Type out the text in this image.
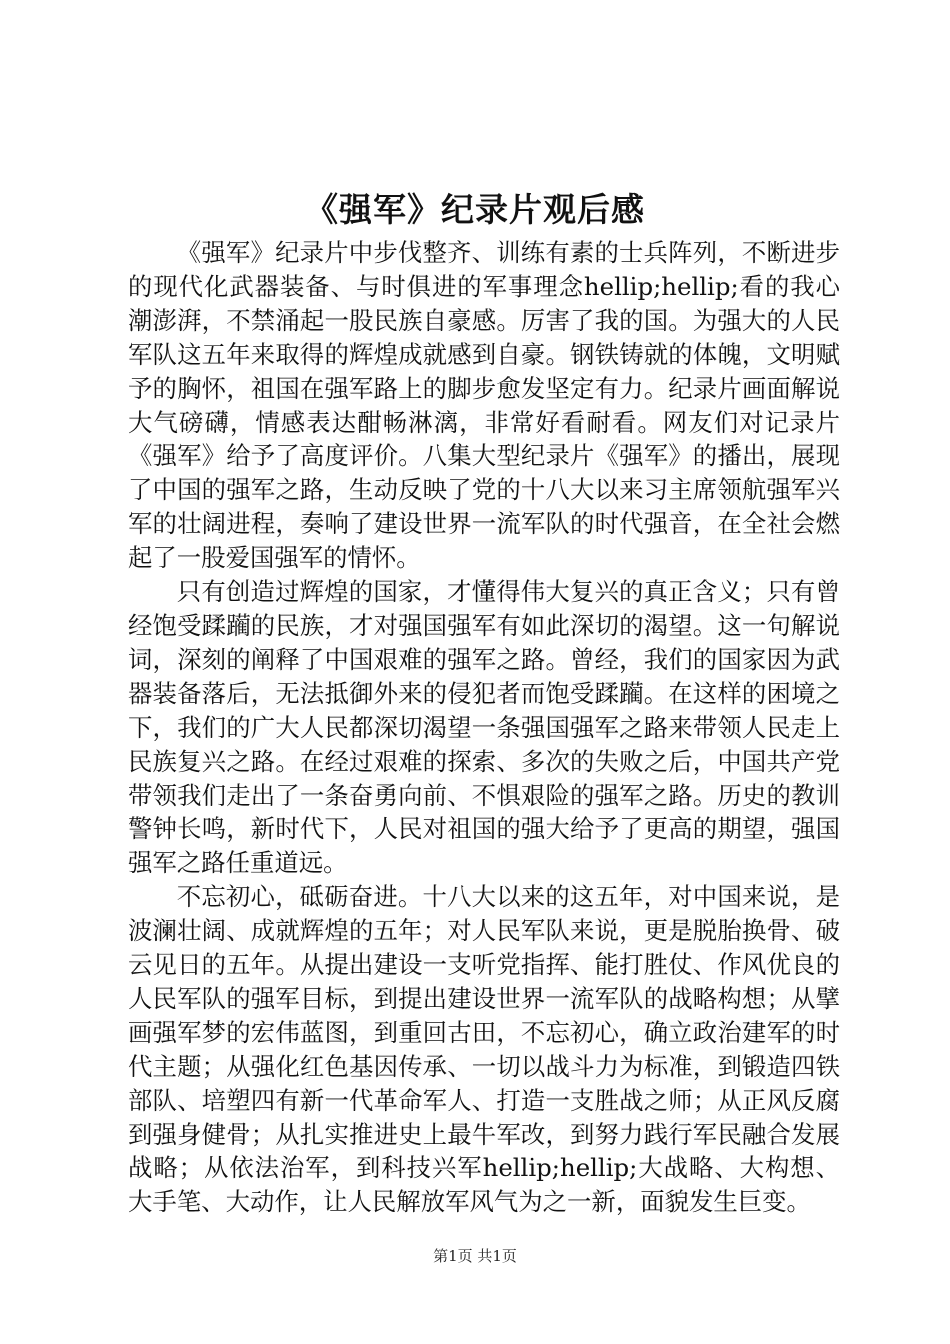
《强军》纪录片观后感

《强军》纪录片中步伐整齐、训练有素的士兵阵列，不断进步的现代化武器装备、与时俱进的军事理念hellip;hellip;看的我心潮澎湃，不禁涌起一股民族自豪感。厉害了我的国。为强大的人民军队这五年来取得的辉煌成就感到自豪。钢铁铸就的体魄，文明赋予的胸怀，祖国在强军路上的脚步愈发坚定有力。纪录片画面解说大气磅礴，情感表达酣畅淋漓，非常好看耐看。网友们对记录片《强军》给予了高度评价。八集大型纪录片《强军》的播出，展现了中国的强军之路，生动反映了党的十八大以来习主席领航强军兴军的壮阔进程，奏响了建设世界一流军队的时代强音，在全社会燃起了一股爱国强军的情怀。

只有创造过辉煌的国家，才懂得伟大复兴的真正含义；只有曾经饱受蹂躏的民族，才对强国强军有如此深切的渴望。这一句解说词，深刻的阐释了中国艰难的强军之路。曾经，我们的国家因为武器装备落后，无法抵御外来的侵犯者而饱受蹂躏。在这样的困境之下，我们的广大人民都深切渴望一条强国强军之路来带领人民走上民族复兴之路。在经过艰难的探索、多次的失败之后，中国共产党带领我们走出了一条奋勇向前、不惧艰险的强军之路。历史的教训警钟长鸣，新时代下，人民对祖国的强大给予了更高的期望，强国强军之路任重道远。

不忘初心，砥砺奋进。十八大以来的这五年，对中国来说，是波澜壮阔、成就辉煌的五年；对人民军队来说，更是脱胎换骨、破云见日的五年。从提出建设一支听党指挥、能打胜仗、作风优良的人民军队的强军目标，到提出建设世界一流军队的战略构想；从擘画强军梦的宏伟蓝图，到重回古田，不忘初心，确立政治建军的时代主题；从强化红色基因传承、一切以战斗力为标准，到锻造四铁部队、培塑四有新一代革命军人、打造一支胜战之师；从正风反腐到强身健骨；从扎实推进史上最牛军改，到努力践行军民融合发展战略；从依法治军，到科技兴军hellip;hellip;大战略、大构想、大手笔、大动作，让人民解放军风气为之一新，面貌发生巨变。

第1页 共1页
